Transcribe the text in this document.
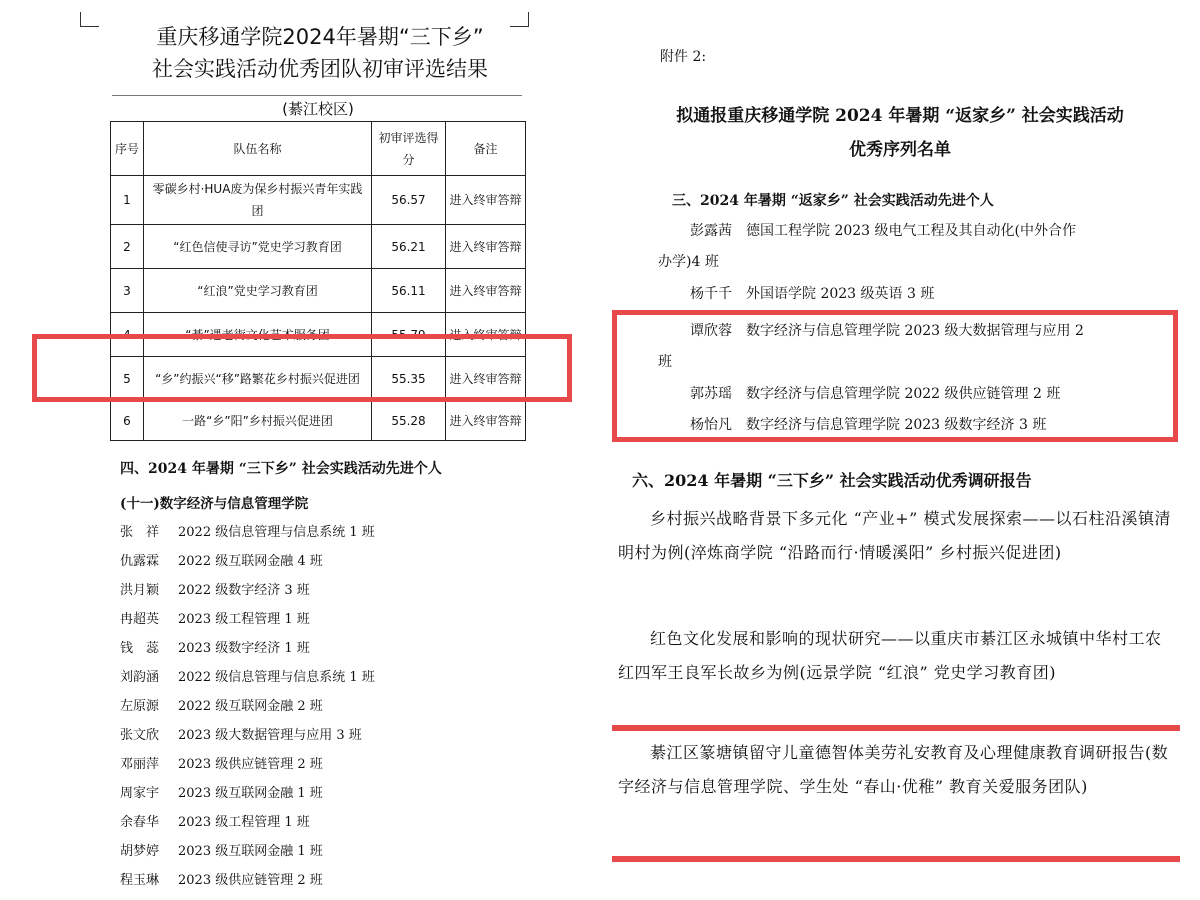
重庆移通学院2024年暑期“三下乡”
社会实践活动优秀团队初审评选结果
(綦江校区)
序号	队伍名称	初审评选得分	备注
1	零碳乡村·HUA废为保乡村振兴青年实践团	56.57	进入终审答辩
2	“红色信使寻访”党史学习教育团	56.21	进入终审答辩
3	“红浪”党史学习教育团	56.11	进入终审答辩
4	“綦”遇老街文化艺术服务团	55.79	进入终审答辩
5	“乡”约振兴“移”路繁花乡村振兴促进团	55.35	进入终审答辩
6	一路“乡”阳”乡村振兴促进团	55.28	进入终审答辩
四、2024 年暑期 “三下乡” 社会实践活动先进个人
(十一)数字经济与信息管理学院
张　祥 2022 级信息管理与信息系统 1 班
仇露霖 2022 级互联网金融 4 班
洪月颖 2022 级数字经济 3 班
冉超英 2023 级工程管理 1 班
钱　蕊 2023 级数字经济 1 班
刘韵涵 2022 级信息管理与信息系统 1 班
左原源 2022 级互联网金融 2 班
张文欣 2023 级大数据管理与应用 3 班
邓丽萍 2023 级供应链管理 2 班
周家宇 2023 级互联网金融 1 班
余春华 2023 级工程管理 1 班
胡梦婷 2023 级互联网金融 1 班
程玉琳 2023 级供应链管理 2 班
附件 2:
拟通报重庆移通学院 2024 年暑期 “返家乡” 社会实践活动
优秀序列名单
三、2024 年暑期 “返家乡” 社会实践活动先进个人
彭露茜　德国工程学院 2023 级电气工程及其自动化(中外合作
办学)4 班
杨千千　外国语学院 2023 级英语 3 班
谭欣蓉　数字经济与信息管理学院 2023 级大数据管理与应用 2
班
郭苏瑶　数字经济与信息管理学院 2022 级供应链管理 2 班
杨怡凡　数字经济与信息管理学院 2023 级数字经济 3 班
六、2024 年暑期 “三下乡” 社会实践活动优秀调研报告
乡村振兴战略背景下多元化 “产业+” 模式发展探索——以石柱沿溪镇清明村为例(淬炼商学院 “沿路而行·情暖溪阳” 乡村振兴促进团)
红色文化发展和影响的现状研究——以重庆市綦江区永城镇中华村工农红四军王良军长故乡为例(远景学院 “红浪” 党史学习教育团)
綦江区篆塘镇留守儿童德智体美劳礼安教育及心理健康教育调研报告(数字经济与信息管理学院、学生处 “春山·优稚” 教育关爱服务团队)
